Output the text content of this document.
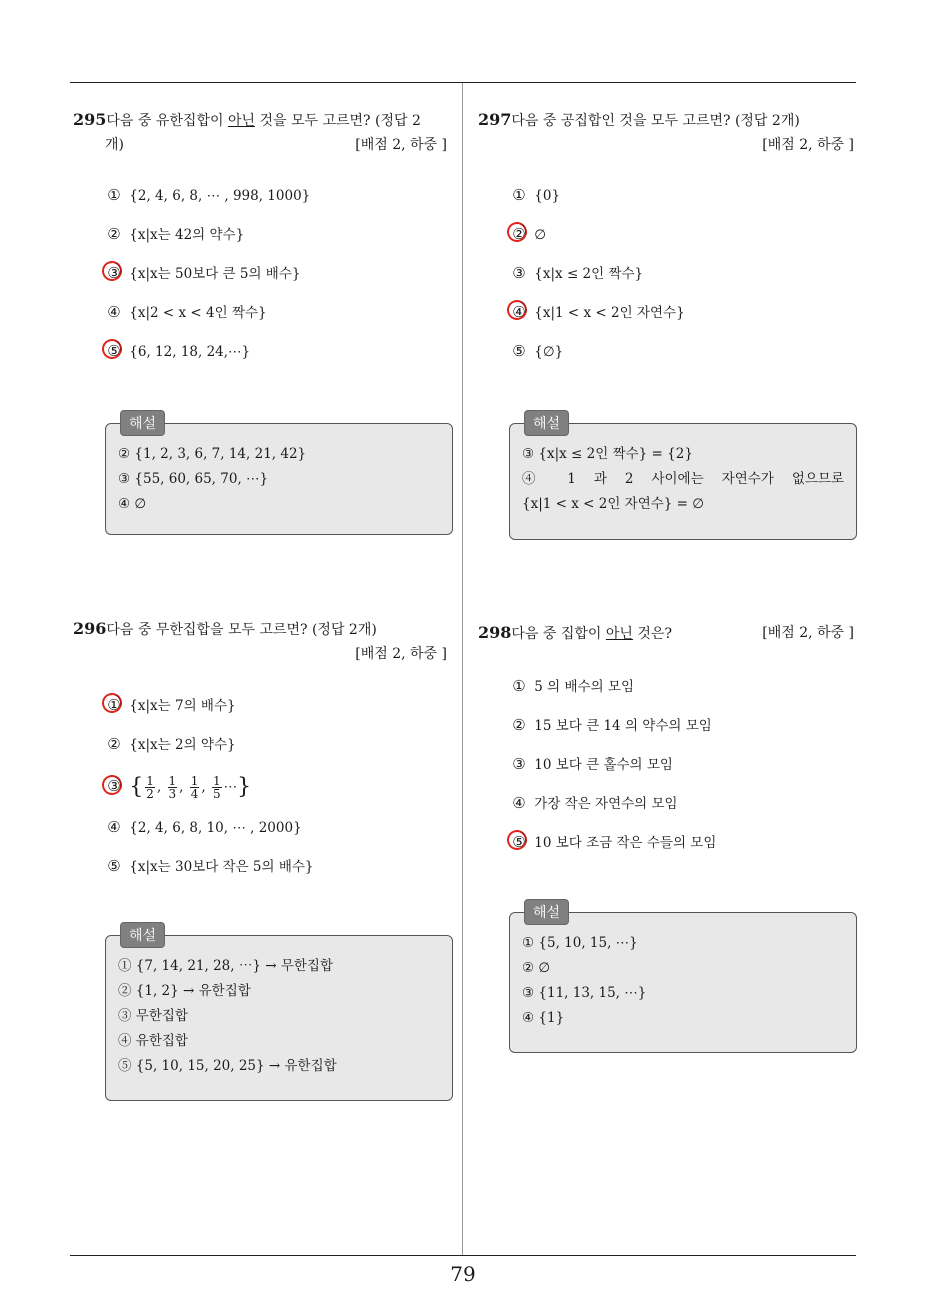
79
295다음 중 유한집합이 아닌 것을 모두 고르면? (정답 2
개)	[배점 2, 하중 ]
① {2, 4, 6, 8, ⋯ , 998, 1000}
② {x|x는 42의 약수}
③ {x|x는 50보다 큰 5의 배수}
④ {x|2 < x < 4인 짝수}
⑤ {6, 12, 18, 24,⋯}
해설
② {1, 2, 3, 6, 7, 14, 21, 42}
③ {55, 60, 65, 70, ⋯}
④ ∅
297다음 중 공집합인 것을 모두 고르면? (정답 2개)
[배점 2, 하중 ]
① {0}
② ∅
③ {x|x ≤ 2인 짝수}
④ {x|1 < x < 2인 자연수}
⑤ {∅}
해설
③ {x|x ≤ 2인 짝수} = {2}
④ 1 과 2 사이에는 자연수가 없으므로
{x|1 < x < 2인 자연수} = ∅
296다음 중 무한집합을 모두 고르면? (정답 2개)
[배점 2, 하중 ]
① {x|x는 7의 배수}
② {x|x는 2의 약수}
③ { $\frac{1}{2}$ , $\frac{1}{3}$ , $\frac{1}{4}$ , $\frac{1}{5}$ ⋯}
④ {2, 4, 6, 8, 10, ⋯ , 2000}
⑤ {x|x는 30보다 작은 5의 배수}
해설
① {7, 14, 21, 28, ⋯} → 무한집합
② {1, 2} → 유한집합
③ 무한집합
④ 유한집합
⑤ {5, 10, 15, 20, 25} → 유한집합
298다음 중 집합이 아닌 것은?	[배점 2, 하중 ]
① 5 의 배수의 모임
② 15 보다 큰 14 의 약수의 모임
③ 10 보다 큰 홀수의 모임
④ 가장 작은 자연수의 모임
⑤ 10 보다 조금 작은 수들의 모임
해설
① {5, 10, 15, ⋯}
② ∅
③ {11, 13, 15, ⋯}
④ {1}
